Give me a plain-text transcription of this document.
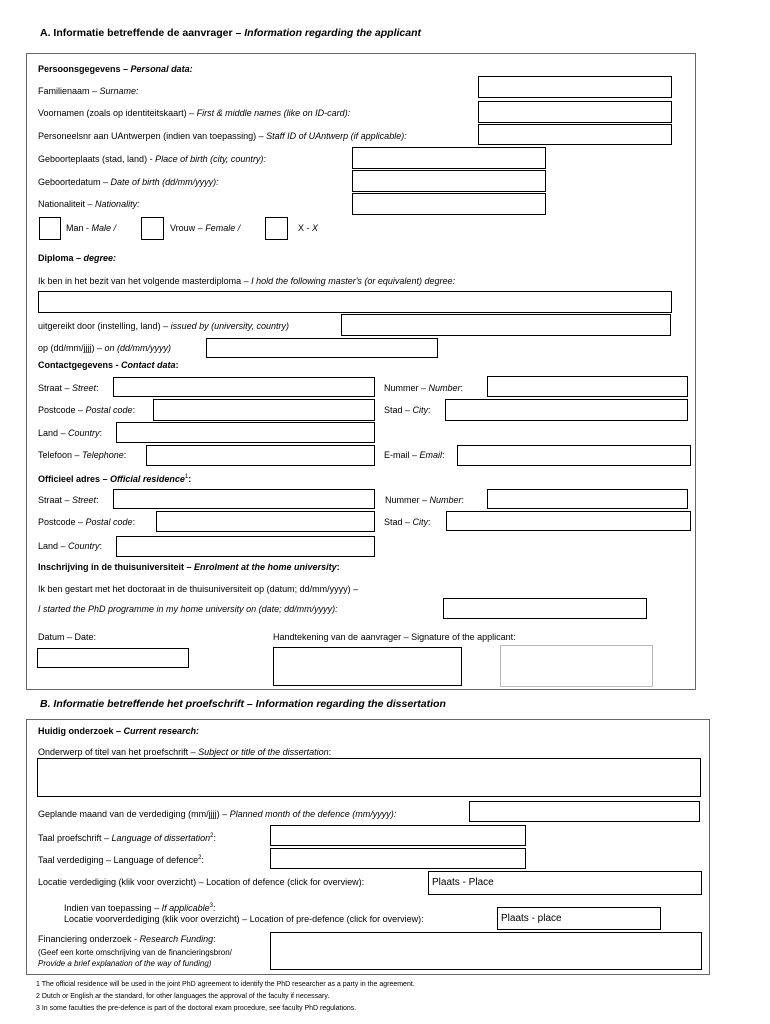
A. Informatie betreffende de aanvrager – Information regarding the applicant
Persoonsgegevens – Personal data:
Familienaam – Surname:
Voornamen (zoals op identiteitskaart) – First & middle names (like on ID-card):
Personeelsnr aan UAntwerpen (indien van toepassing) – Staff ID of UAntwerp (if applicable):
Geboorteplaats (stad, land) - Place of birth (city, country):
Geboortedatum – Date of birth (dd/mm/yyyy):
Nationaliteit – Nationality:
Man - Male /	Vrouw – Female /	X - X
Diploma – degree:
Ik ben in het bezit van het volgende masterdiploma – I hold the following master's (or equivalent) degree:
uitgereikt door (instelling, land) – issued by (university, country)
op (dd/mm/jjjj) – on (dd/mm/yyyy)
Contactgegevens - Contact data:
Straat – Street:	Nummer – Number:
Postcode – Postal code:	Stad – City:
Land – Country:
Telefoon – Telephone:	E-mail – Email:
Officieel adres – Official residence$^1$:
Straat – Street:	Nummer – Number:
Postcode – Postal code:	Stad – City:
Land – Country:
Inschrijving in de thuisuniversiteit – Enrolment at the home university:
Ik ben gestart met het doctoraat in de thuisuniversiteit op (datum; dd/mm/yyyy) –
I started the PhD programme in my home university on (date; dd/mm/yyyy):
Datum – Date:	Handtekening van de aanvrager – Signature of the applicant:
B. Informatie betreffende het proefschrift – Information regarding the dissertation
Huidig onderzoek – Current research:
Onderwerp of titel van het proefschrift – Subject or title of the dissertation:
Geplande maand van de verdediging (mm/jjjj) – Planned month of the defence (mm/yyyy):
Taal proefschrift – Language of dissertation$^2$:
Taal verdediging – Language of defence$^2$:
Locatie verdediging (klik voor overzicht) – Location of defence (click for overview):	Plaats - Place
Indien van toepassing – If applicable$^3$:
Locatie voorverdediging (klik voor overzicht) – Location of pre-defence (click for overview):	Plaats - place
Financiering onderzoek - Research Funding:
(Geef een korte omschrijving van de financieringsbron/
Provide a brief explanation of the way of funding)
1 The official residence will be used in the joint PhD agreement to identify the PhD researcher as a party in the agreement.
2 Dutch or English ar the standard, for other languages the approval of the faculty if necessary.
3 In some faculties the pre-defence is part of the doctoral exam procedure, see faculty PhD regulations.
